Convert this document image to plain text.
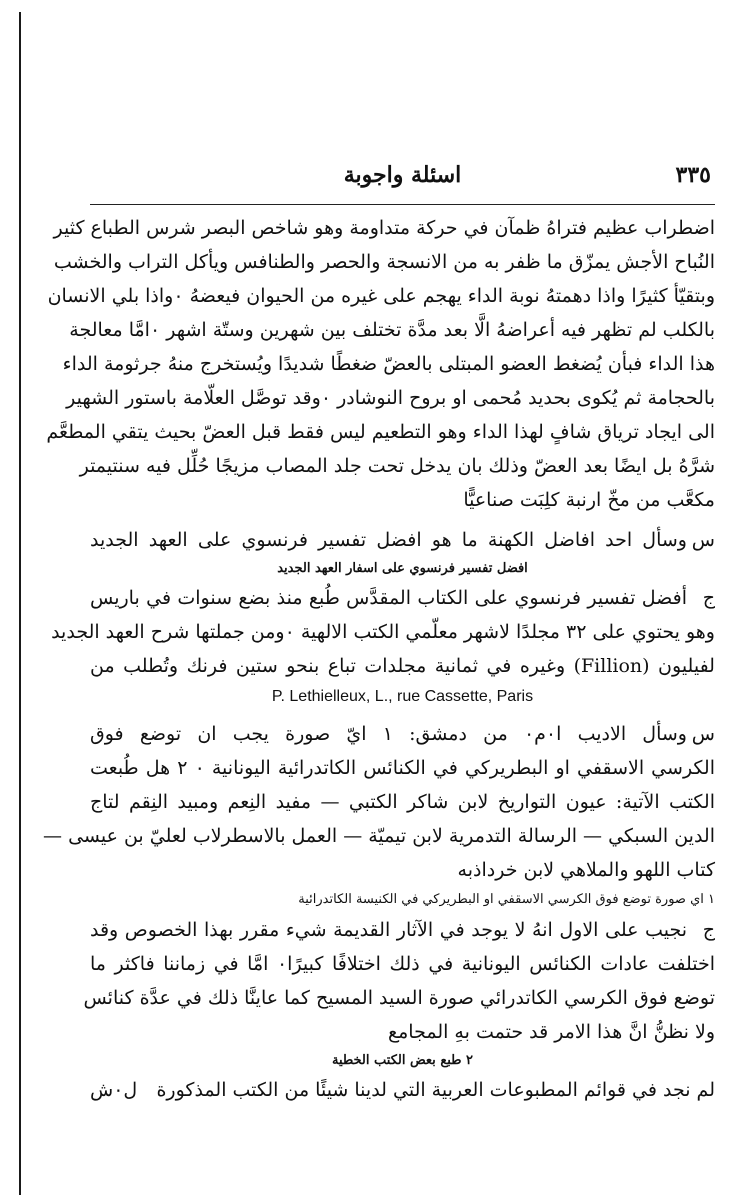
٣٣٥
اسئلة واجوبة
اضطراب عظيم فتراهُ ظمآن في حركة متداومة وهو شاخص البصر شرس الطباع كثير
النُباح الأجش يمزّق ما ظفر به من الانسجة والحصر والطنافس ويأكل التراب والخشب
وبتقيّأ كثيرًا واذا دهمتهُ نوبة الداء يهجم على غيره من الحيوان فيعضهُ ٠واذا بلي الانسان
بالكلب لم تظهر فيه أعراضهُ الَّا بعد مدَّة تختلف بين شهرين وستّة اشهر ٠امَّا معالجة
هذا الداء فبأن يُضغط العضو المبتلى بالعضّ ضغطًا شديدًا ويُستخرج منهُ جرثومة الداء
بالحجامة ثم يُكوى بحديد مُحمى او بروح النوشادر ٠وقد توصَّل العلّامة باستور الشهير
الى ايجاد ترياق شافٍ لهذا الداء وهو التطعيم ليس فقط قبل العضّ بحيث يتقي المطعَّم
شرَّهُ بل ايضًا بعد العضّ وذلك بان يدخل تحت جلد المصاب مزيجًا حُلِّل فيه سنتيمتر
مكعَّب من مخّ ارنبة كلِبَت صناعيًّا
س
وسأل احد افاضل الكهنة ما هو افضل تفسير فرنسوي على العهد الجديد
افضل تفسير فرنسوي على اسفار العهد الجديد
ج
أفضل تفسير فرنسوي على الكتاب المقدَّس طُبع منذ بضع سنوات في باريس
وهو يحتوي على ٣٢ مجلدًا لاشهر معلّمي الكتب الالهية ٠ومن جملتها شرح العهد الجديد
لفيليون (Fillion) وغيره في ثمانية مجلدات تباع بنحو ستين فرنك وتُطلب من
P. Lethielleux, L., rue Cassette, Paris
س
وسأل الاديب ا٠م٠ من دمشق: ١ ايّ صورة يجب ان توضع فوق
الكرسي الاسقفي او البطريركي في الكنائس الكاتدرائية اليونانية ٠ ٢ هل طُبعت
الكتب الآتية: عيون التواريخ لابن شاكر الكتبي — مفيد النِعم ومبيد النِقم لتاج
الدين السبكي — الرسالة التدمرية لابن تيميّة — العمل بالاسطرلاب لعليّ بن عيسى —
كتاب اللهو والملاهي لابن خرداذبه
١ اي صورة توضع فوق الكرسي الاسقفي او البطريركي في الكنيسة الكاتدرائية
ج
نجيب على الاول انهُ لا يوجد في الآثار القديمة شيء مقرر بهذا الخصوص وقد
اختلفت عادات الكنائس اليونانية في ذلك اختلافًا كبيرًا٠ امَّا في زماننا فاكثر ما
توضع فوق الكرسي الكاتدرائي صورة السيد المسيح كما عاينَّا ذلك في عدَّة كنائس
ولا نظنُّ انَّ هذا الامر قد حتمت بهِ المجامع
٢ طبع بعض الكتب الخطية
لم نجد في قوائم المطبوعات العربية التي لدينا شيئًا من الكتب المذكورة
ل٠ش
